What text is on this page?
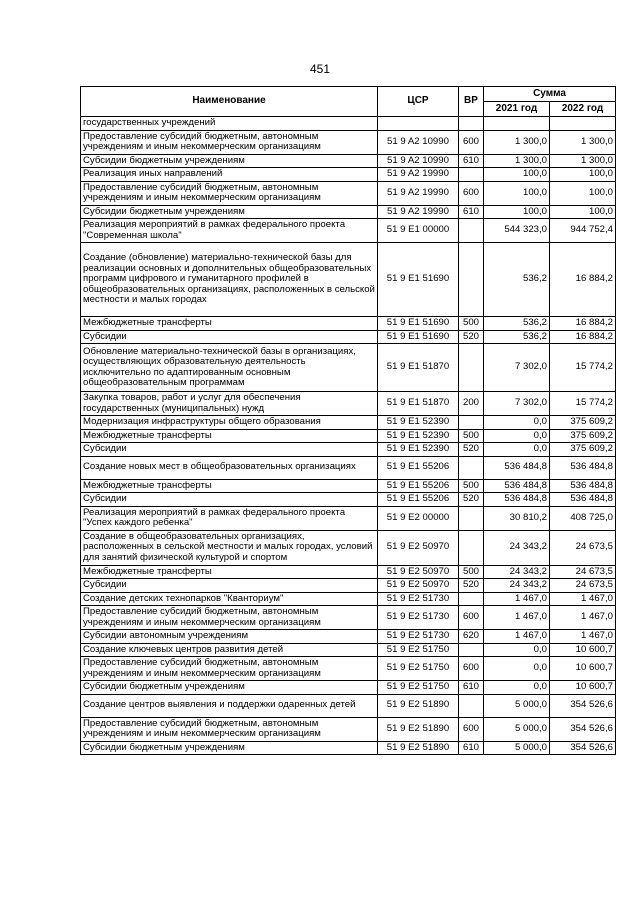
451
Наименование	ЦСР	ВР	Сумма	
			2021 год	2022 год
государственных учреждений				
Предоставление субсидий бюджетным, автономным учреждениям и иным некоммерческим организациям	51 9 A2 10990	600	1 300,0	1 300,0
Субсидии бюджетным учреждениям	51 9 A2 10990	610	1 300,0	1 300,0
Реализация иных направлений	51 9 A2 19990		100,0	100,0
Предоставление субсидий бюджетным, автономным учреждениям и иным некоммерческим организациям	51 9 A2 19990	600	100,0	100,0
Субсидии бюджетным учреждениям	51 9 A2 19990	610	100,0	100,0
Реализация мероприятий в рамках федерального проекта "Современная школа"	51 9 E1 00000		544 323,0	944 752,4
Создание (обновление) материально-технической базы для реализации основных и дополнительных общеобразовательных программ цифрового и гуманитарного профилей в общеобразовательных организациях, расположенных в сельской местности и малых городах	51 9 E1 51690		536,2	16 884,2
Межбюджетные трансферты	51 9 E1 51690	500	536,2	16 884,2
Субсидии	51 9 E1 51690	520	536,2	16 884,2
Обновление материально-технической базы в организациях, осуществляющих образовательную деятельность исключительно по адаптированным основным общеобразовательным программам	51 9 E1 51870		7 302,0	15 774,2
Закупка товаров, работ и услуг для обеспечения государственных (муниципальных) нужд	51 9 E1 51870	200	7 302,0	15 774,2
Модернизация инфраструктуры общего образования	51 9 E1 52390		0,0	375 609,2
Межбюджетные трансферты	51 9 E1 52390	500	0,0	375 609,2
Субсидии	51 9 E1 52390	520	0,0	375 609,2
Создание новых мест в общеобразовательных организациях	51 9 E1 55206		536 484,8	536 484,8
Межбюджетные трансферты	51 9 E1 55206	500	536 484,8	536 484,8
Субсидии	51 9 E1 55206	520	536 484,8	536 484,8
Реализация мероприятий в рамках федерального проекта "Успех каждого ребенка"	51 9 E2 00000		30 810,2	408 725,0
Создание в общеобразовательных организациях, расположенных в сельской местности и малых городах, условий для занятий физической культурой и спортом	51 9 E2 50970		24 343,2	24 673,5
Межбюджетные трансферты	51 9 E2 50970	500	24 343,2	24 673,5
Субсидии	51 9 E2 50970	520	24 343,2	24 673,5
Создание детских технопарков "Кванториум"	51 9 E2 51730		1 467,0	1 467,0
Предоставление субсидий бюджетным, автономным учреждениям и иным некоммерческим организациям	51 9 E2 51730	600	1 467,0	1 467,0
Субсидии автономным учреждениям	51 9 E2 51730	620	1 467,0	1 467,0
Создание ключевых центров развития детей	51 9 E2 51750		0,0	10 600,7
Предоставление субсидий бюджетным, автономным учреждениям и иным некоммерческим организациям	51 9 E2 51750	600	0,0	10 600,7
Субсидии бюджетным учреждениям	51 9 E2 51750	610	0,0	10 600,7
Создание центров выявления и поддержки одаренных детей	51 9 E2 51890		5 000,0	354 526,6
Предоставление субсидий бюджетным, автономным учреждениям и иным некоммерческим организациям	51 9 E2 51890	600	5 000,0	354 526,6
Субсидии бюджетным учреждениям	51 9 E2 51890	610	5 000,0	354 526,6
